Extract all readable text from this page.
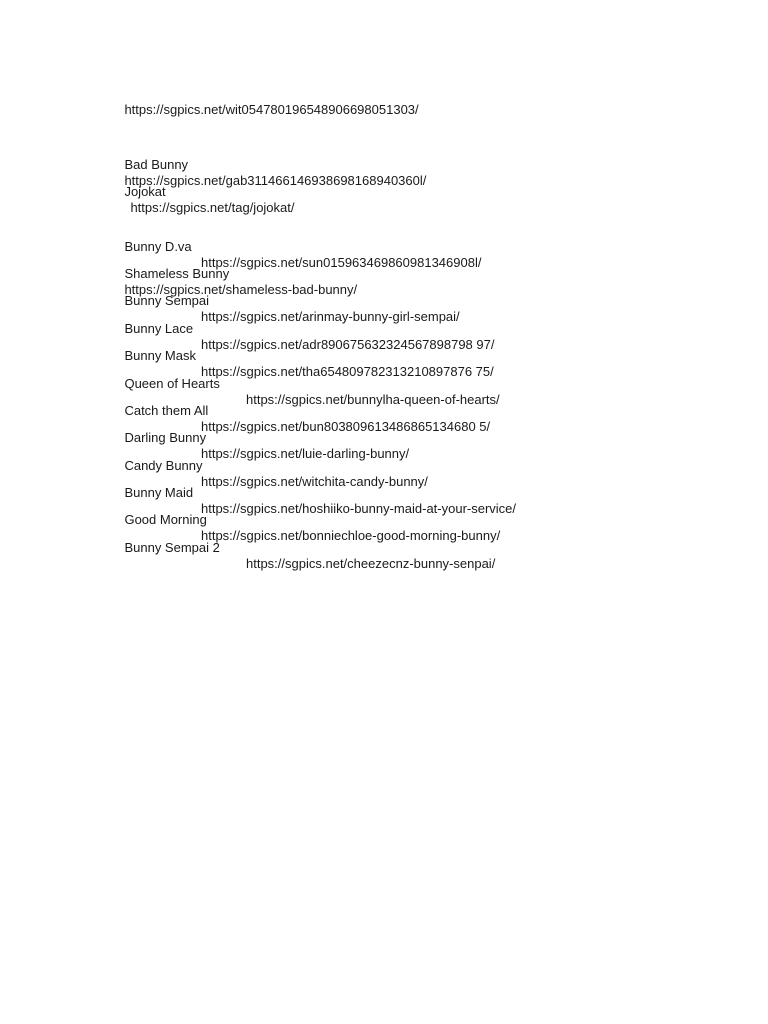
https://sgpics.net/wit054780196548906698051303/

Bad Bunny
https://sgpics.net/gab311466146938698168940360l/

Jojokat
https://sgpics.net/tag/jojokat/

Bunny D.va

https://sgpics.net/sun015963469860981346908l/

Shameless Bunny
https://sgpics.net/shameless-bad-bunny/

Bunny Sempai

https://sgpics.net/arinmay-bunny-girl-sempai/

Bunny Lace

https://sgpics.net/adr890675632324567898798 97/

Bunny Mask

https://sgpics.net/tha654809782313210897876 75/

Queen of Hearts

https://sgpics.net/bunnylha-queen-of-hearts/

Catch them All

https://sgpics.net/bun803809613486865134680 5/

Darling Bunny

https://sgpics.net/luie-darling-bunny/

Candy Bunny

https://sgpics.net/witchita-candy-bunny/

Bunny Maid

https://sgpics.net/hoshiiko-bunny-maid-at-your-service/

Good Morning

https://sgpics.net/bonniechloe-good-morning-bunny/

Bunny Sempai 2

https://sgpics.net/cheezecnz-bunny-senpai/
